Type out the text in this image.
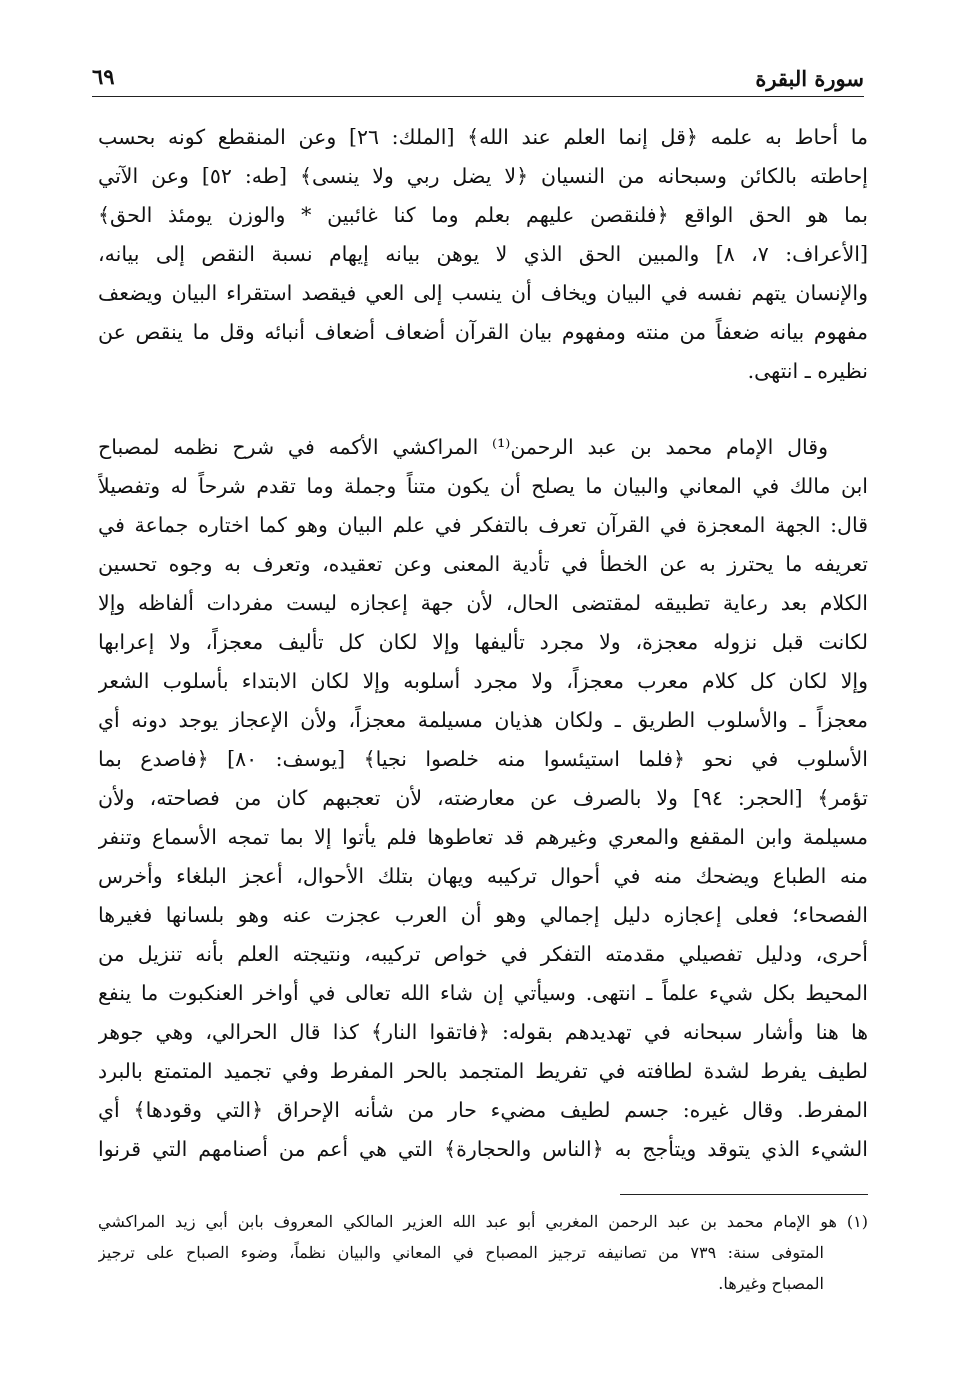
سورة البقرة
٦٩
ما أحاط به علمه ﴿قل إنما العلم عند الله﴾ [الملك: ٢٦] وعن المنقطع كونه بحسب
إحاطته بالكائن وسبحانه من النسيان ﴿لا يضل ربي ولا ينسى﴾ [طه: ٥٢] وعن الآتي
بما هو الحق الواقع ﴿فلنقصن عليهم بعلم وما كنا غائبين * والوزن يومئذ الحق﴾
[الأعراف: ٧، ٨] والمبين الحق الذي لا يوهن بيانه إيهام نسبة النقص إلى بيانه،
والإنسان يتهم نفسه في البيان ويخاف أن ينسب إلى العي فيقصد استقراء البيان ويضعف
مفهوم بيانه ضعفاً من منته ومفهوم بيان القرآن أضعاف أضعاف أنبائه وقل ما ينقص عن
نظيره ـ انتهى.
وقال الإمام محمد بن عبد الرحمن⁽¹⁾ المراكشي الأكمه في شرح نظمه لمصباح
ابن مالك في المعاني والبيان ما يصلح أن يكون متناً وجملة وما تقدم شرحاً له وتفصيلاً
قال: الجهة المعجزة في القرآن تعرف بالتفكر في علم البيان وهو كما اختاره جماعة في
تعريفه ما يحترز به عن الخطأ في تأدية المعنى وعن تعقيده، وتعرف به وجوه تحسين
الكلام بعد رعاية تطبيقه لمقتضى الحال، لأن جهة إعجازه ليست مفردات ألفاظه وإلا
لكانت قبل نزوله معجزة، ولا مجرد تأليفها وإلا لكان كل تأليف معجزاً، ولا إعرابها
وإلا لكان كل كلام معرب معجزاً، ولا مجرد أسلوبه وإلا لكان الابتداء بأسلوب الشعر
معجزاً ـ والأسلوب الطريق ـ ولكان هذيان مسيلمة معجزاً، ولأن الإعجاز يوجد دونه أي
الأسلوب في نحو ﴿فلما استيئسوا منه خلصوا نجيا﴾ [يوسف: ٨٠] ﴿فاصدع بما
تؤمر﴾ [الحجر: ٩٤] ولا بالصرف عن معارضته، لأن تعجبهم كان من فصاحته، ولأن
مسيلمة وابن المقفع والمعري وغيرهم قد تعاطوها فلم يأتوا إلا بما تمجه الأسماع وتنفر
منه الطباع ويضحك منه في أحوال تركيبه ويهان بتلك الأحوال، أعجز البلغاء وأخرس
الفصحاء؛ فعلى إعجازه دليل إجمالي وهو أن العرب عجزت عنه وهو بلسانها فغيرها
أحرى، ودليل تفصيلي مقدمته التفكر في خواص تركيبه، ونتيجته العلم بأنه تنزيل من
المحيط بكل شيء علماً ـ انتهى. وسيأتي إن شاء الله تعالى في أواخر العنكبوت ما ينفع
ها هنا وأشار سبحانه في تهديدهم بقوله: ﴿فاتقوا النار﴾ كذا قال الحرالي، وهي جوهر
لطيف يفرط لشدة لطافته في تفريط المتجمد بالحر المفرط وفي تجميد المتمتع بالبرد
المفرط. وقال غيره: جسم لطيف مضيء حار من شأنه الإحراق ﴿التي وقودها﴾ أي
الشيء الذي يتوقد ويتأجج به ﴿الناس والحجارة﴾ التي هي أعم من أصنامهم التي قرنوا
(١) هو الإمام محمد بن عبد الرحمن المغربي أبو عبد الله العزير المالكي المعروف بابن أبي زيد المراكشي
المتوفى سنة: ٧٣٩ من تصانيفه ترجيز المصباح في المعاني والبيان نظماً، وضوء الصباح على ترجيز
المصباح وغيرها.
